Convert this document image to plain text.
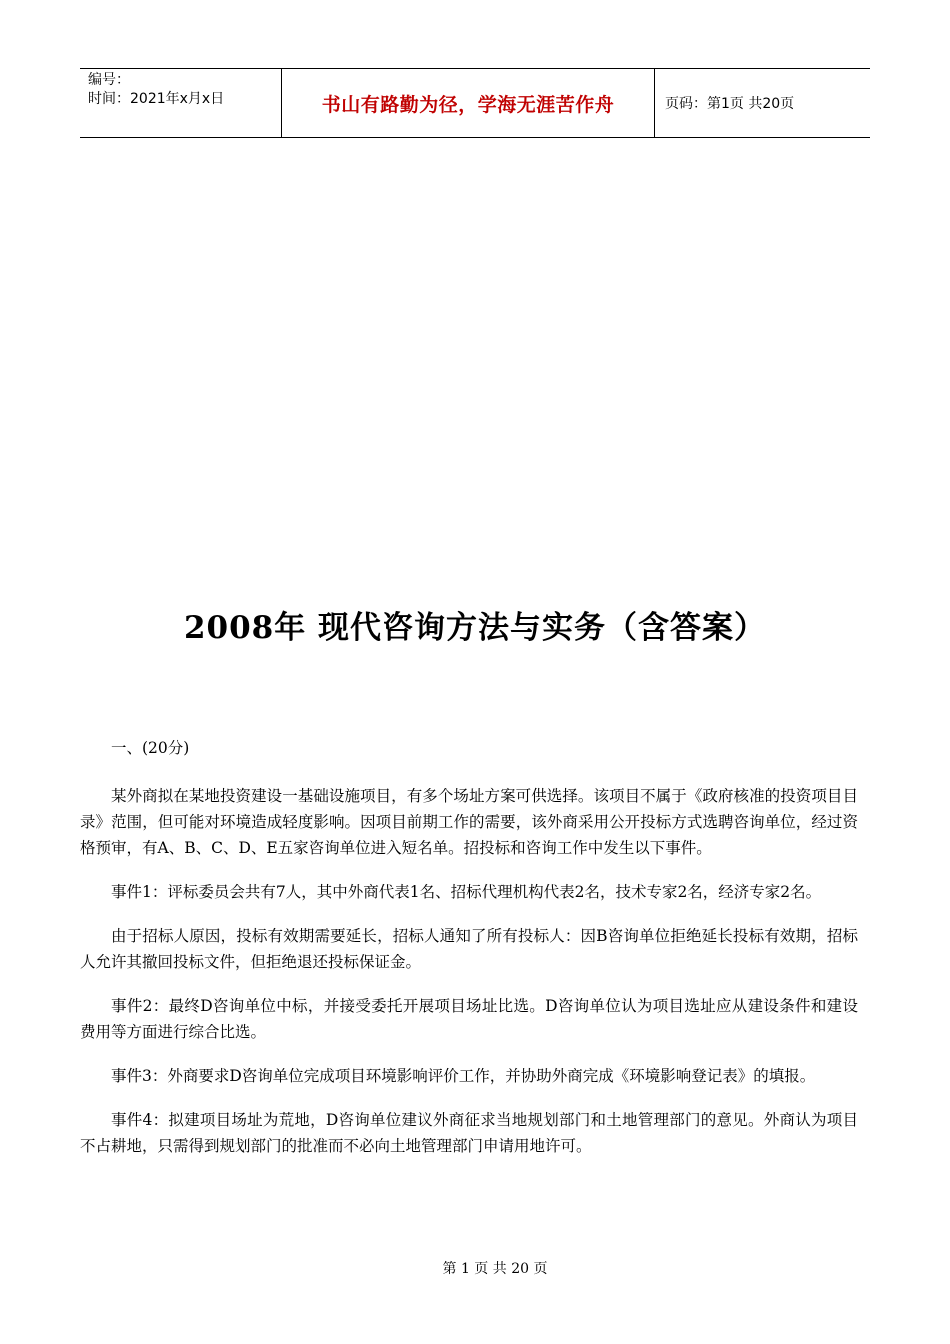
编号：
时间：2021年x月x日	书山有路勤为径，学海无涯苦作舟	页码：第1页 共20页
2008年 现代咨询方法与实务（含答案）
一、(20分)

某外商拟在某地投资建设一基础设施项目，有多个场址方案可供选择。该项目不属于《政府核准的投资项目目录》范围，但可能对环境造成轻度影响。因项目前期工作的需要，该外商采用公开投标方式选聘咨询单位，经过资格预审，有A、B、C、D、E五家咨询单位进入短名单。招投标和咨询工作中发生以下事件。

事件1：评标委员会共有7人，其中外商代表1名、招标代理机构代表2名，技术专家2名，经济专家2名。

由于招标人原因，投标有效期需要延长，招标人通知了所有投标人：因B咨询单位拒绝延长投标有效期，招标人允许其撤回投标文件，但拒绝退还投标保证金。

事件2：最终D咨询单位中标，并接受委托开展项目场址比选。D咨询单位认为项目选址应从建设条件和建设费用等方面进行综合比选。

事件3：外商要求D咨询单位完成项目环境影响评价工作，并协助外商完成《环境影响登记表》的填报。

事件4：拟建项目场址为荒地，D咨询单位建议外商征求当地规划部门和土地管理部门的意见。外商认为项目不占耕地，只需得到规划部门的批准而不必向土地管理部门申请用地许可。

第 1 页 共 20 页
